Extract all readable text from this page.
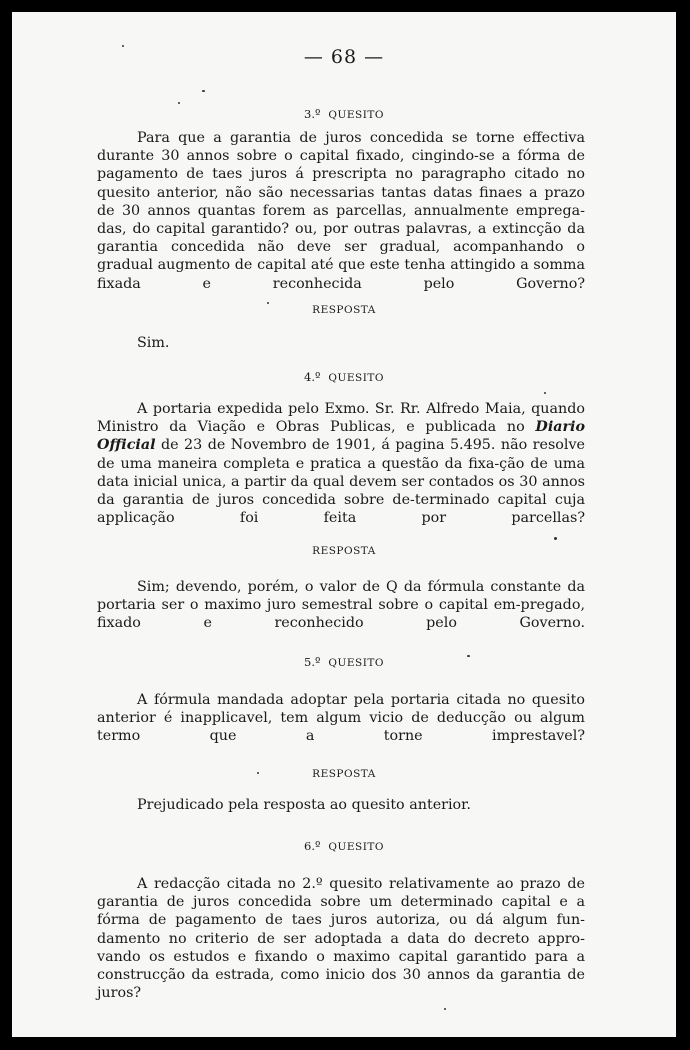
— 68 —
3.º QUESITO
Para que a garantia de juros concedida se torne effectiva durante 30 annos sobre o capital fixado, cingindo-se a fórma de pagamento de taes juros á prescripta no paragrapho citado no quesito anterior, não são necessarias tantas datas finaes a prazo de 30 annos quantas forem as parcellas, annualmente emprega-das, do capital garantido? ou, por outras palavras, a extincção da garantia concedida não deve ser gradual, acompanhando o gradual augmento de capital até que este tenha attingido a somma fixada e reconhecida pelo Governo?
RESPOSTA
Sim.
4.º QUESITO
A portaria expedida pelo Exmo. Sr. Rr. Alfredo Maia, quando Ministro da Viação e Obras Publicas, e publicada no Diario Official de 23 de Novembro de 1901, á pagina 5.495. não resolve de uma maneira completa e pratica a questão da fixa-ção de uma data inicial unica, a partir da qual devem ser contados os 30 annos da garantia de juros concedida sobre de-terminado capital cuja applicação foi feita por parcellas?
RESPOSTA
Sim; devendo, porém, o valor de Q da fórmula constante da portaria ser o maximo juro semestral sobre o capital em-pregado, fixado e reconhecido pelo Governo.
5.º QUESITO
A fórmula mandada adoptar pela portaria citada no quesito anterior é inapplicavel, tem algum vicio de deducção ou algum termo que a torne imprestavel?
RESPOSTA
Prejudicado pela resposta ao quesito anterior.
6.º QUESITO
A redacção citada no 2.º quesito relativamente ao prazo de garantia de juros concedida sobre um determinado capital e a fórma de pagamento de taes juros autoriza, ou dá algum fun-damento no criterio de ser adoptada a data do decreto appro-vando os estudos e fixando o maximo capital garantido para a construcção da estrada, como inicio dos 30 annos da garantia de juros?
